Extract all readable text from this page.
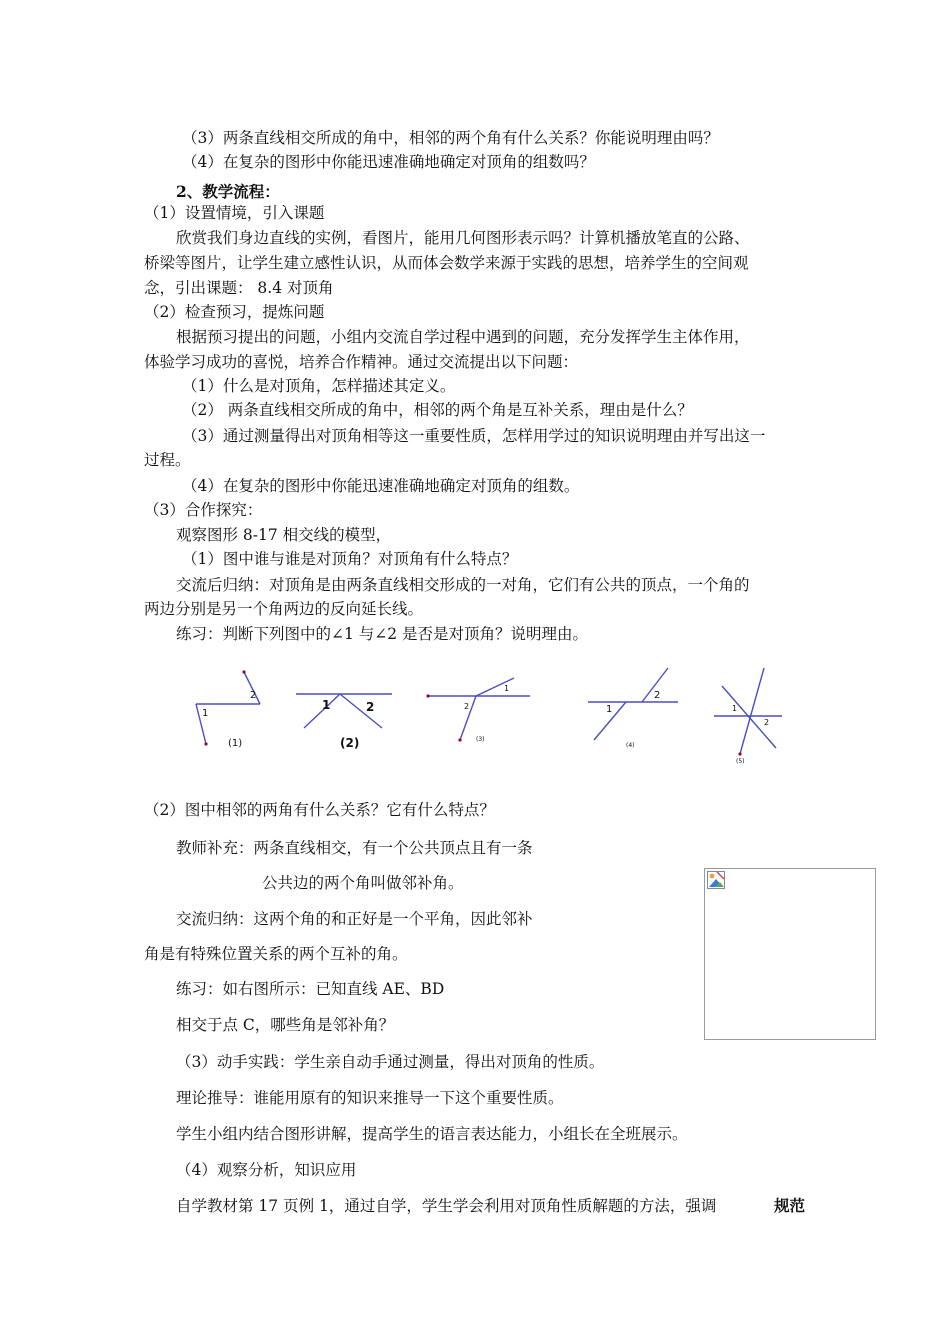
（3）两条直线相交所成的角中，相邻的两个角有什么关系？你能说明理由吗？
（4）在复杂的图形中你能迅速准确地确定对顶角的组数吗？
2、教学流程：
（1）设置情境，引入课题
欣赏我们身边直线的实例，看图片，能用几何图形表示吗？计算机播放笔直的公路、
桥梁等图片，让学生建立感性认识，从而体会数学来源于实践的思想，培养学生的空间观
念，引出课题： 8.4 对顶角
（2）检查预习，提炼问题
根据预习提出的问题，小组内交流自学过程中遇到的问题，充分发挥学生主体作用，
体验学习成功的喜悦，培养合作精神。通过交流提出以下问题：
（1）什么是对顶角，怎样描述其定义。
（2） 两条直线相交所成的角中，相邻的两个角是互补关系，理由是什么？
（3）通过测量得出对顶角相等这一重要性质，怎样用学过的知识说明理由并写出这一
过程。
（4）在复杂的图形中你能迅速准确地确定对顶角的组数。
（3）合作探究：
观察图形 8-17 相交线的模型，
（1）图中谁与谁是对顶角？对顶角有什么特点？
交流后归纳：对顶角是由两条直线相交形成的一对角，它们有公共的顶点，一个角的
两边分别是另一个角两边的反向延长线。
练习：判断下列图中的∠1 与∠2 是否是对顶角？说明理由。
1
2
(1)
1	2
(2)
1
2
(3)
1
2
(4)
1
2
(5)
（2）图中相邻的两角有什么关系？它有什么特点？
教师补充：两条直线相交，有一个公共顶点且有一条
公共边的两个角叫做邻补角。
交流归纳：这两个角的和正好是一个平角，因此邻补
角是有特殊位置关系的两个互补的角。
练习：如右图所示：已知直线 AE、BD
相交于点 C，哪些角是邻补角？
（3）动手实践：学生亲自动手通过测量，得出对顶角的性质。
理论推导：谁能用原有的知识来推导一下这个重要性质。
学生小组内结合图形讲解，提高学生的语言表达能力，小组长在全班展示。
（4）观察分析，知识应用
自学教材第 17 页例 1，通过自学，学生学会利用对顶角性质解题的方法，强调	规范
